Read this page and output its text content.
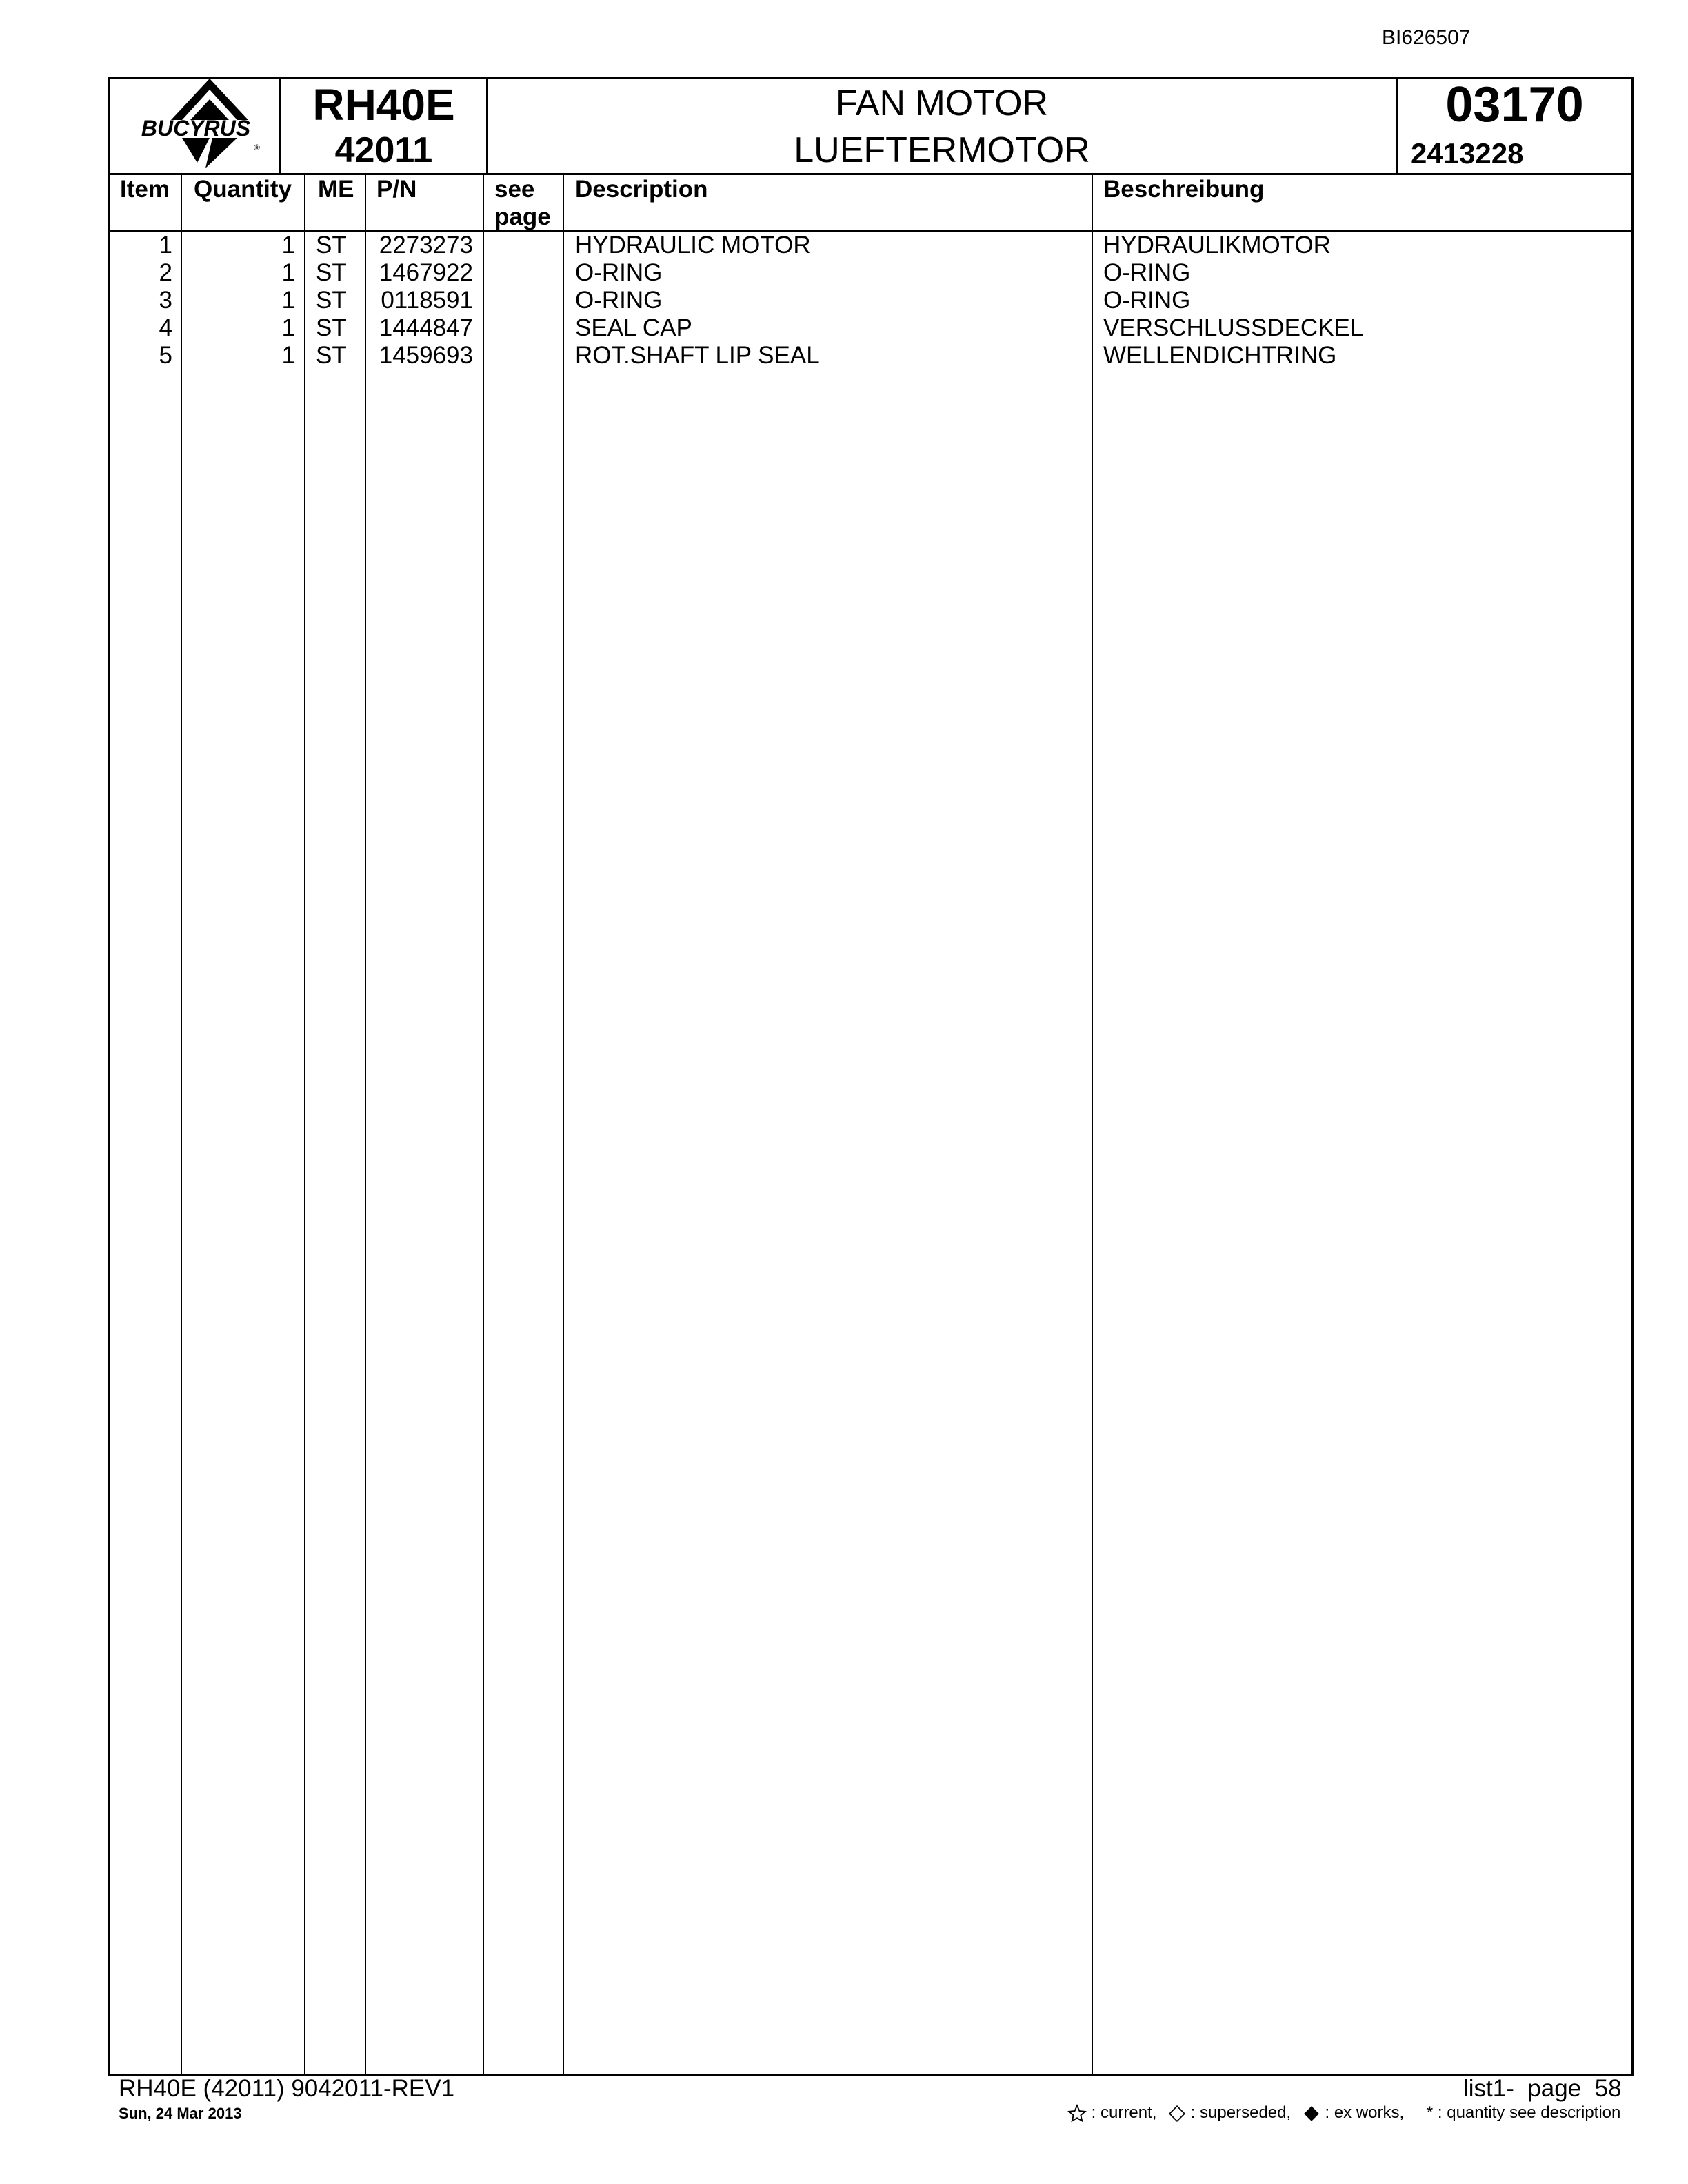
BI626507
BUCYRUS
®
RH40E
42011
FAN MOTOR
LUEFTERMOTOR
03170
2413228
Item Quantity ME P/N	see
page
Description	Beschreibung
1	1 ST 2273273	HYDRAULIC MOTOR	HYDRAULIKMOTOR
2	1 ST 1467922	O-RING	O-RING
3	1 ST	0118591	O-RING	O-RING
4	1 ST 1444847	SEAL CAP	VERSCHLUSSDECKEL
5	1 ST 1459693	ROT.SHAFT LIP SEAL	WELLENDICHTRING
RH40E (42011) 9042011-REV1
Sun, 24 Mar 2013
list1-  page  58
: current, : superseded, : ex works, * : quantity see description
